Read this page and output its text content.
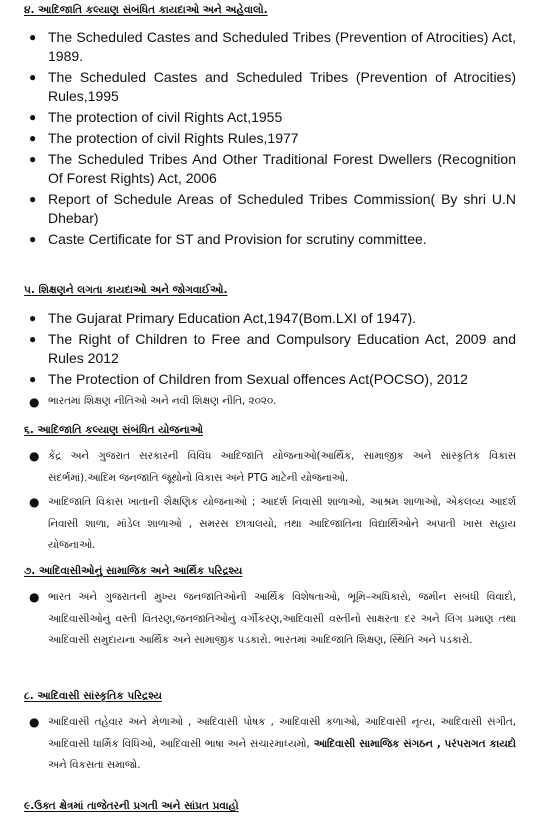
૪. આદિજાતિ કલ્યાણ સંબંધિત કાયદાઓ અને અહેવાલો.
● The Scheduled Castes and Scheduled Tribes (Prevention of Atrocities) Act, 1989.
● The Scheduled Castes and Scheduled Tribes (Prevention of Atrocities) Rules,1995
● The protection of civil Rights Act,1955
● The protection of civil Rights Rules,1977
● The Scheduled Tribes And Other Traditional Forest Dwellers (Recognition Of Forest Rights) Act, 2006
● Report of Schedule Areas of Scheduled Tribes Commission( By shri U.N Dhebar)
● Caste Certificate for ST and Provision for scrutiny committee.
૫. શિક્ષણને લગતા કાયદાઓ અને જોગવાઈઓ.
● The Gujarat Primary Education Act,1947(Bom.LXI of 1947).
● The Right of Children to Free and Compulsory Education Act, 2009 and Rules 2012
● The Protection of Children from Sexual offences Act(POCSO), 2012
● ભારતમાં શિક્ષણ નીતિઓ અને નવી શિક્ષણ નીતિ, ૨૦૨૦.
૬. આદિજાતિ કલ્યાણ સંબંધિત યોજનાઓ
● કેંદ્ર અને ગુજરાત સરકારની વિવિધ આદિજાતિ યોજનાઓ(આર્થિક, સામાજીક અને સાંસ્કૃતિક વિકાસ સંદર્ભમાં).આદિમ જનજાતિ જૂથોનો વિકાસ અને PTG માટેની યોજનાઓ.
● આદિજાતિ વિકાસ ખાતાની શૈક્ષણિક યોજનાઓ ; આદર્શ નિવાસી શાળાઓ, આશ્રમ શાળાઓ, એકલવ્ય આદર્શ નિવાસી શાળા, મૉડેલ શાળાઓ , સમરસ છાત્રાલયો, તથા આદિજાતિના વિદ્યાર્થિઓને અપાતી ખાસ સહાય યોજનાઓ.
૭. આદિવાસીઓનું સામાજિક અને આર્થિક પરિદ્રશ્ય
● ભારત અને ગુજરાતની મુખ્ય જનજાતિઓની આર્થિક વિશેષતાઓ, ભૂમિ–અધિકારો, જમીન સંબંધી વિવાદો, આદિવાસીઓનું વસ્તી વિતરણ,જનજાતિઓનું વર્ગીકરણ,આદિવાસી વસ્તીનો સાક્ષરતા દર અને લિંગ પ્રમાણ તથા આદિવાસી સમુદાયના આર્થિક અને સામાજીક પડકારો. ભારતમાં આદિજાતિ શિક્ષણ, સ્થિતિ અને પડકારો.
૮. આદિવાસી સાંસ્કૃતિક પરિદ્રશ્ય
● આદિવાસી તહેવાર અને મેળાઓ , આદિવાસી પોષક , આદિવાસી કળાઓ, આદિવાસી નૃત્ય, આદિવાસી સંગીત, આદિવાસી ધાર્મિક વિધિઓ, આદિવાસી ભાષા અને સંચારમાધ્યમો, આદિવાસી સામાજિક સંગઠન , પરંપરાગત કાયદો અને વિકસતા સમાજો.
૯.ઉક્ત ક્ષેત્રમાં તાજેતરની પ્રગતી અને સાંપ્રત પ્રવાહો
